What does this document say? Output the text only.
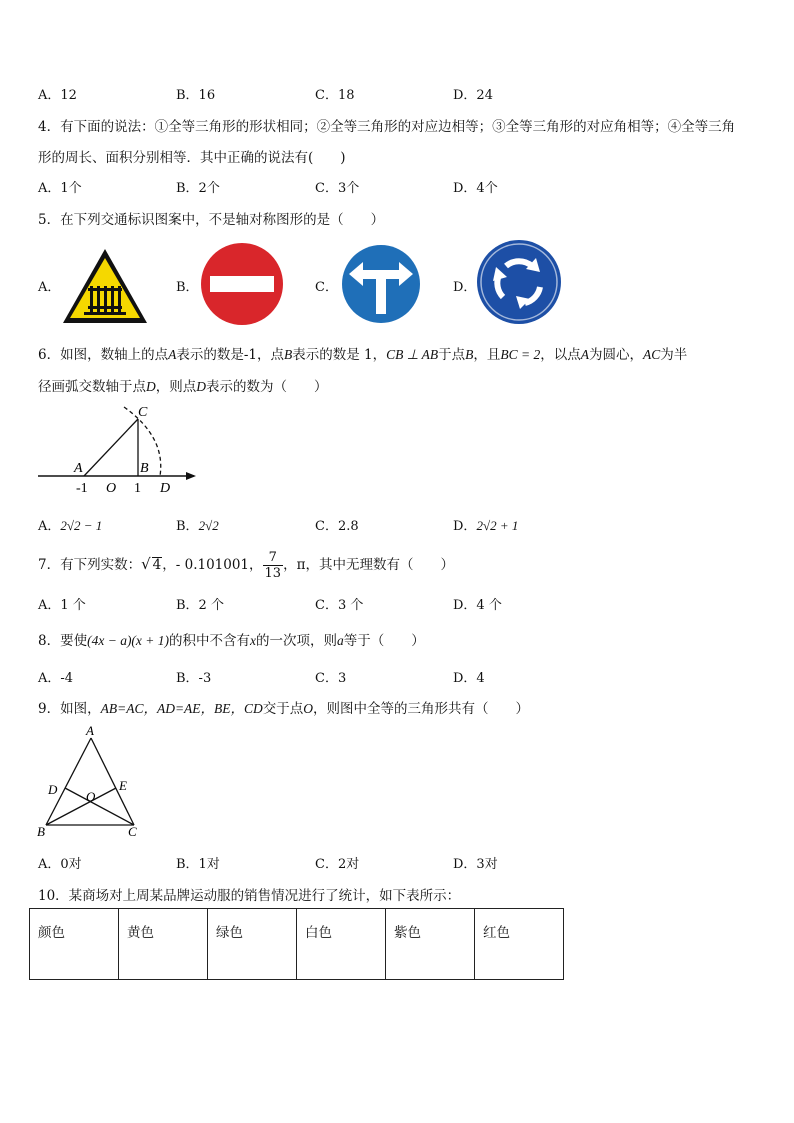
A．12	B．16	C．18	D．24
4．有下面的说法：①全等三角形的形状相同；②全等三角形的对应边相等；③全等三角形的对应角相等；④全等三角
形的周长、面积分别相等．其中正确的说法有(　　)
A．1个	B．2个	C．3个	D．4个
5．在下列交通标识图案中，不是轴对称图形的是（　　）
A．	B．	C．	D．
6．如图，数轴上的点A表示的数是-1，点B表示的数是 1，CB ⊥ AB于点B，且BC = 2，以点A为圆心，AC为半
径画弧交数轴于点D，则点D表示的数为（　　）
C
A	B
-1 O 1 D
A．2√2 − 1	B．2√2	C．2.8	D．2√2 + 1
7．有下列实数：√ 4，- 0.101001， $\frac{7}{13}$ ，π，其中无理数有（　　）
A．1 个	B．2 个	C．3 个	D．4 个
8．要使(4x − a)(x + 1)的积中不含有x的一次项，则a等于（　　）
A．-4	B．-3	C．3	D．4
9．如图，AB=AC，AD=AE，BE，CD交于点O，则图中全等的三角形共有（　　）
A
D O
E
B	C
A．0对	B．1对	C．2对	D．3对
10．某商场对上周某品牌运动服的销售情况进行了统计，如下表所示：
颜色	黄色	绿色	白色	紫色	红色
